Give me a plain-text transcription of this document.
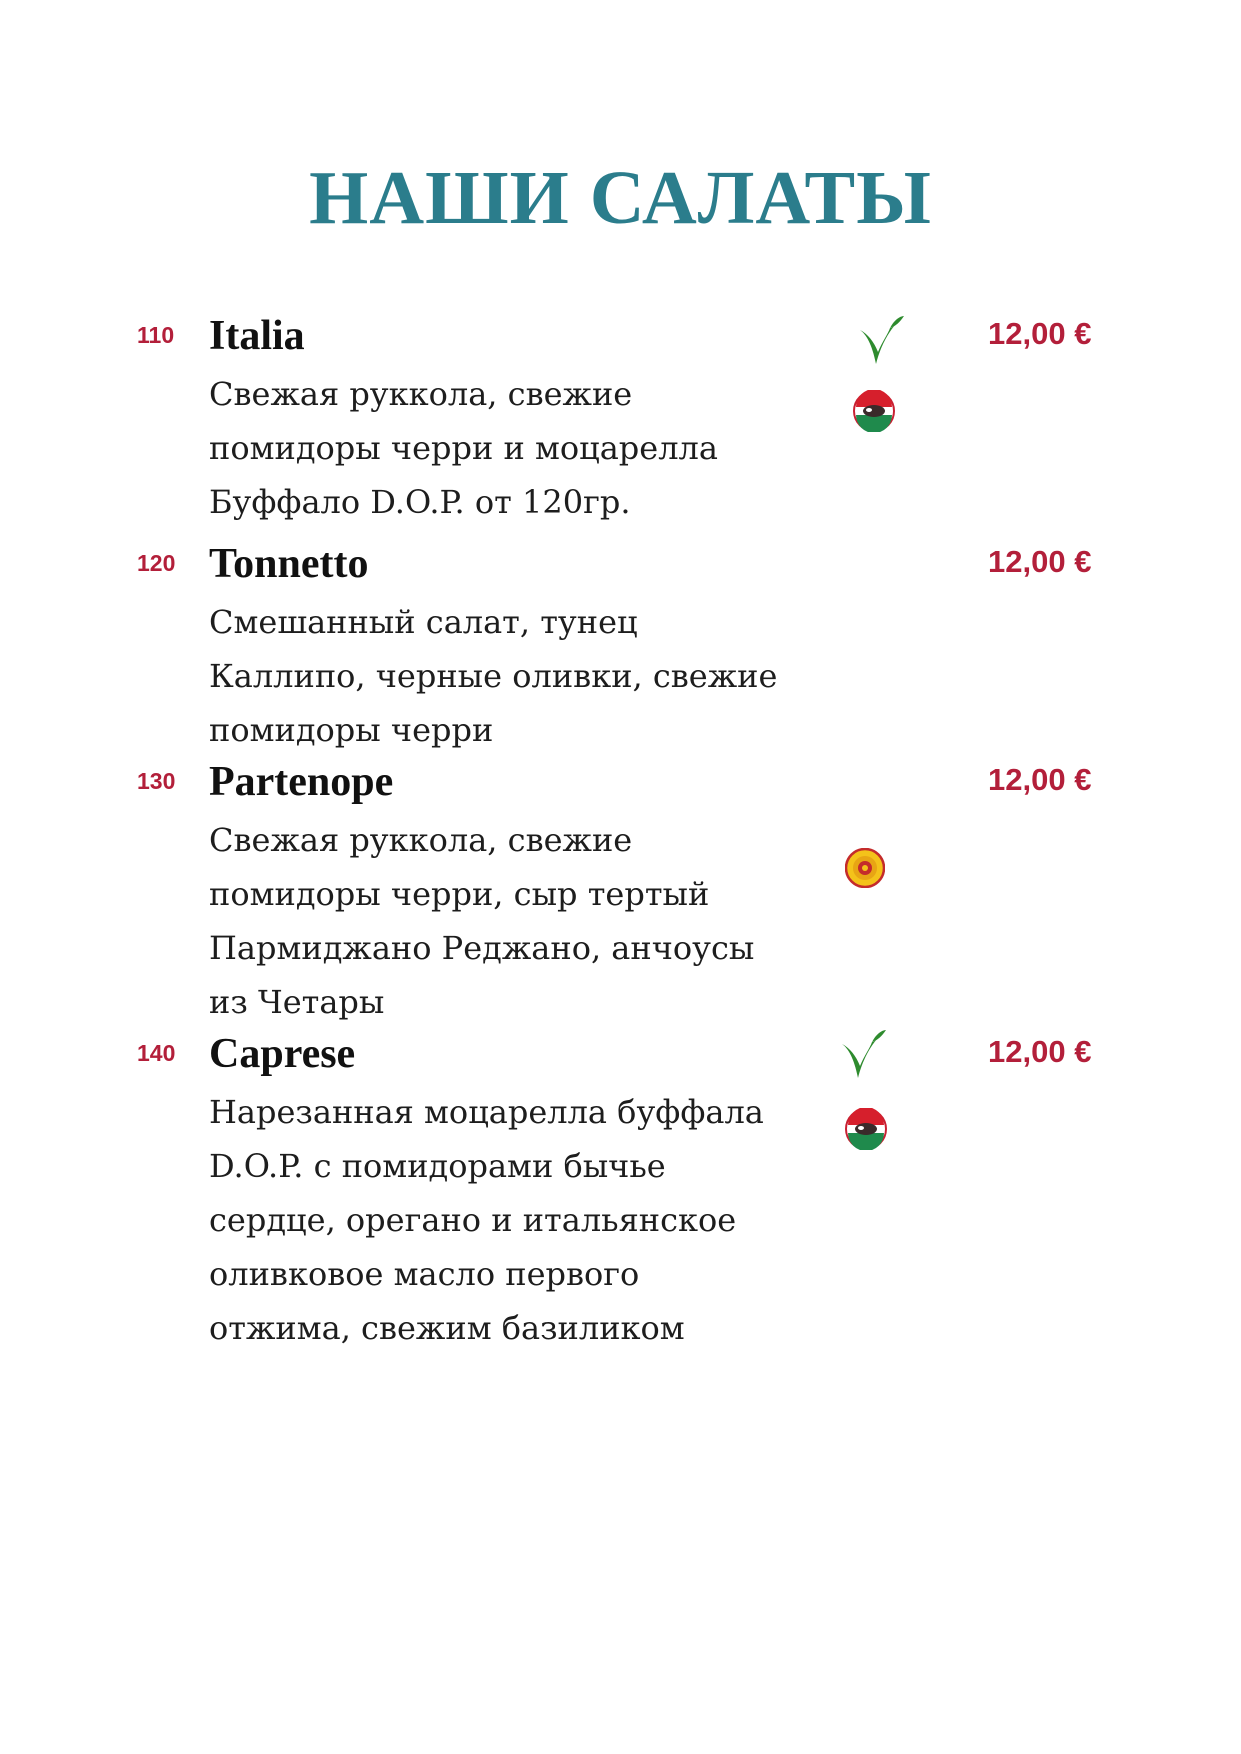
НАШИ САЛАТЫ
110 Italia	12,00 €

Свежая руккола, свежие
помидоры черри и моцарелла
Буффало D.O.P. от 120гр.

120 Tonnetto	12,00 €

Смешанный салат, тунец
Каллипо, черные оливки, свежие
помидоры черри

130 Partenope	12,00 €

Свежая руккола, свежие
помидоры черри, сыр тертый
Пармиджано Реджано, анчоусы
из Четары

140 Caprese	12,00 €

Нарезанная моцарелла буффала
D.O.P. с помидорами бычье
сердце, орегано и итальянское
оливковое масло первого
отжима, свежим базиликом
